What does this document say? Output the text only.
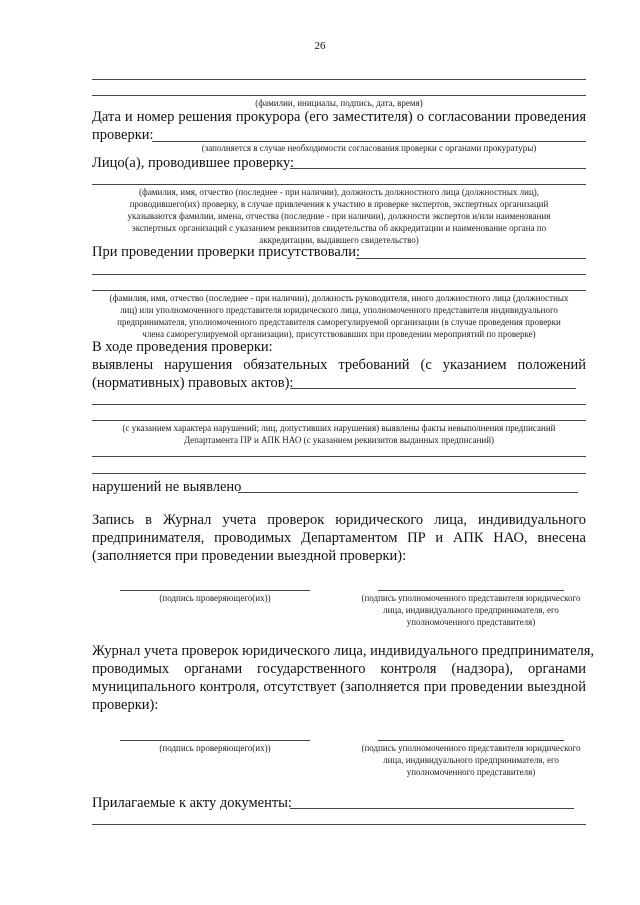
26
(фамилии, инициалы, подпись, дата, время)
Дата и номер решения прокурора (его заместителя) о согласовании проведения
проверки:
(заполняется в случае необходимости согласования проверки с органами прокуратуры)
Лицо(а), проводившее проверку:
(фамилия, имя, отчество (последнее - при наличии), должность должностного лица (должностных лиц),
проводившего(их) проверку, в случае привлечения к участию в проверке экспертов, экспертных организаций
указываются фамилии, имена, отчества (последние - при наличии), должности экспертов и/или наименования
экспертных организаций с указанием реквизитов свидетельства об аккредитации и наименование органа по
аккредитации, выдавшего свидетельство)
При проведении проверки присутствовали:
(фамилия, имя, отчество (последнее - при наличии), должность руководителя, иного должностного лица (должностных
лиц) или уполномоченного представителя юридического лица, уполномоченного представителя индивидуального
предпринимателя, уполномоченного представителя саморегулируемой организации (в случае проведения проверки
члена саморегулируемой организации), присутствовавших при проведении мероприятий по проверке)
В ходе проведения проверки:
выявлены нарушения обязательных требований (с указанием положений
(нормативных) правовых актов):
(с указанием характера нарушений; лиц, допустивших нарушения) выявлены факты невыполнения предписаний
Департамента ПР и АПК НАО (с указанием реквизитов выданных предписаний)
нарушений не выявлено
Запись в Журнал учета проверок юридического лица, индивидуального
предпринимателя, проводимых Департаментом ПР и АПК НАО, внесена
(заполняется при проведении выездной проверки):
(подпись проверяющего(их))	(подпись уполномоченного представителя юридического
лица, индивидуального предпринимателя, его
уполномоченного представителя)
Журнал учета проверок юридического лица, индивидуального предпринимателя,
проводимых органами государственного контроля (надзора), органами
муниципального контроля, отсутствует (заполняется при проведении выездной
проверки):
(подпись проверяющего(их))	(подпись уполномоченного представителя юридического
лица, индивидуального предпринимателя, его
уполномоченного представителя)
Прилагаемые к акту документы:
